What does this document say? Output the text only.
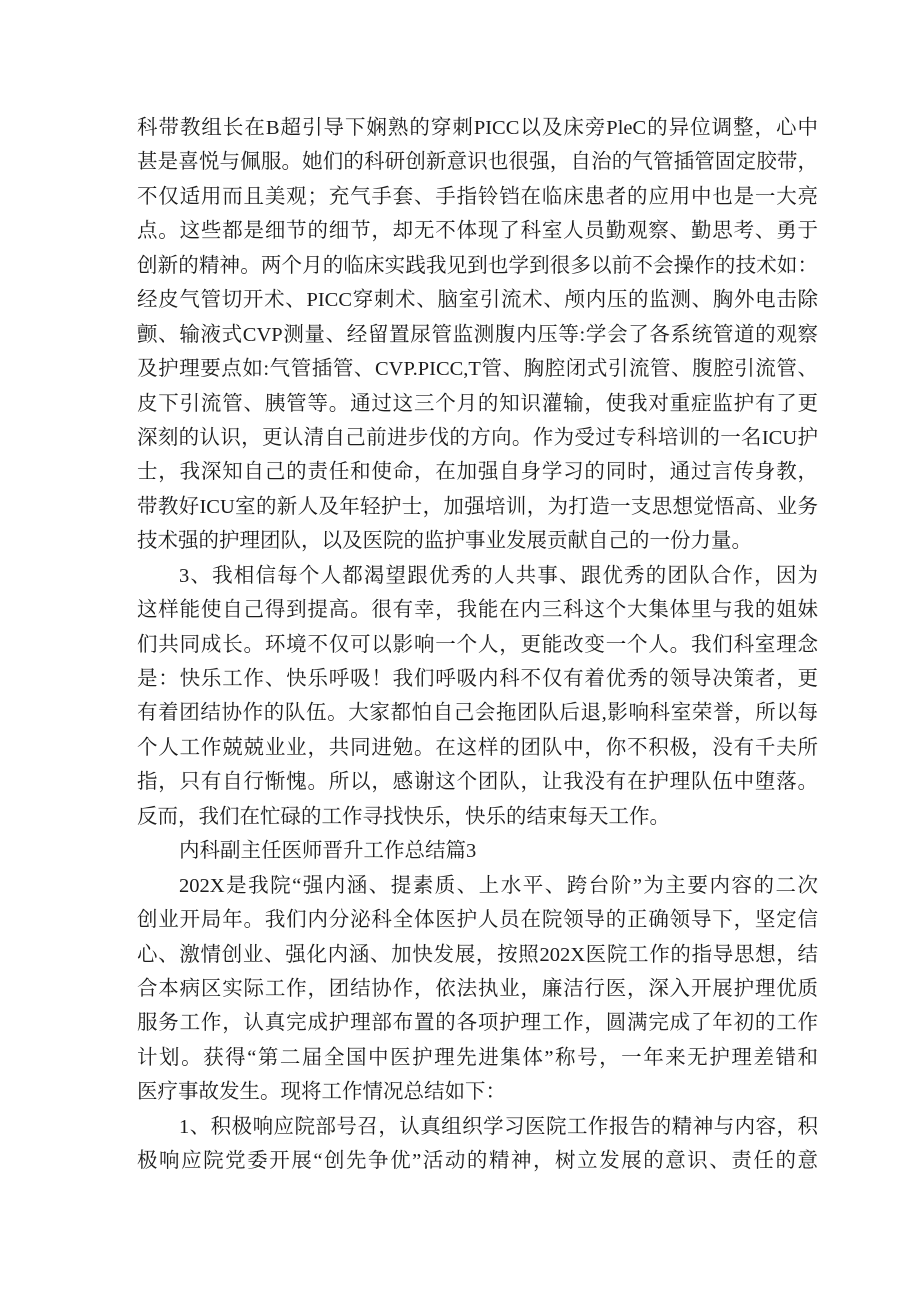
科带教组长在B超引导下娴熟的穿刺PICC以及床旁PleC的异位调整，心中
甚是喜悦与佩服。她们的科研创新意识也很强，自治的气管插管固定胶带，
不仅适用而且美观；充气手套、手指铃铛在临床患者的应用中也是一大亮
点。这些都是细节的细节，却无不体现了科室人员勤观察、勤思考、勇于
创新的精神。两个月的临床实践我见到也学到很多以前不会操作的技术如：
经皮气管切开术、PICC穿刺术、脑室引流术、颅内压的监测、胸外电击除
颤、输液式CVP测量、经留置尿管监测腹内压等:学会了各系统管道的观察
及护理要点如:气管插管、CVP.PICC,T管、胸腔闭式引流管、腹腔引流管、
皮下引流管、胰管等。通过这三个月的知识灌输，使我对重症监护有了更
深刻的认识，更认清自己前进步伐的方向。作为受过专科培训的一名ICU护
士，我深知自己的责任和使命，在加强自身学习的同时，通过言传身教，
带教好ICU室的新人及年轻护士，加强培训，为打造一支思想觉悟高、业务
技术强的护理团队，以及医院的监护事业发展贡献自己的一份力量。
3、我相信每个人都渴望跟优秀的人共事、跟优秀的团队合作，因为
这样能使自己得到提高。很有幸，我能在内三科这个大集体里与我的姐妹
们共同成长。环境不仅可以影响一个人，更能改变一个人。我们科室理念
是：快乐工作、快乐呼吸！我们呼吸内科不仅有着优秀的领导决策者，更
有着团结协作的队伍。大家都怕自己会拖团队后退,影响科室荣誉，所以每
个人工作兢兢业业，共同进勉。在这样的团队中，你不积极，没有千夫所
指，只有自行惭愧。所以，感谢这个团队，让我没有在护理队伍中堕落。
反而，我们在忙碌的工作寻找快乐，快乐的结束每天工作。
内科副主任医师晋升工作总结篇3
202X是我院“强内涵、提素质、上水平、跨台阶”为主要内容的二次
创业开局年。我们内分泌科全体医护人员在院领导的正确领导下，坚定信
心、激情创业、强化内涵、加快发展，按照202X医院工作的指导思想，结
合本病区实际工作，团结协作，依法执业，廉洁行医，深入开展护理优质
服务工作，认真完成护理部布置的各项护理工作，圆满完成了年初的工作
计划。获得“第二届全国中医护理先进集体”称号，一年来无护理差错和
医疗事故发生。现将工作情况总结如下：
1、积极响应院部号召，认真组织学习医院工作报告的精神与内容，积
极响应院党委开展“创先争优”活动的精神，树立发展的意识、责任的意
